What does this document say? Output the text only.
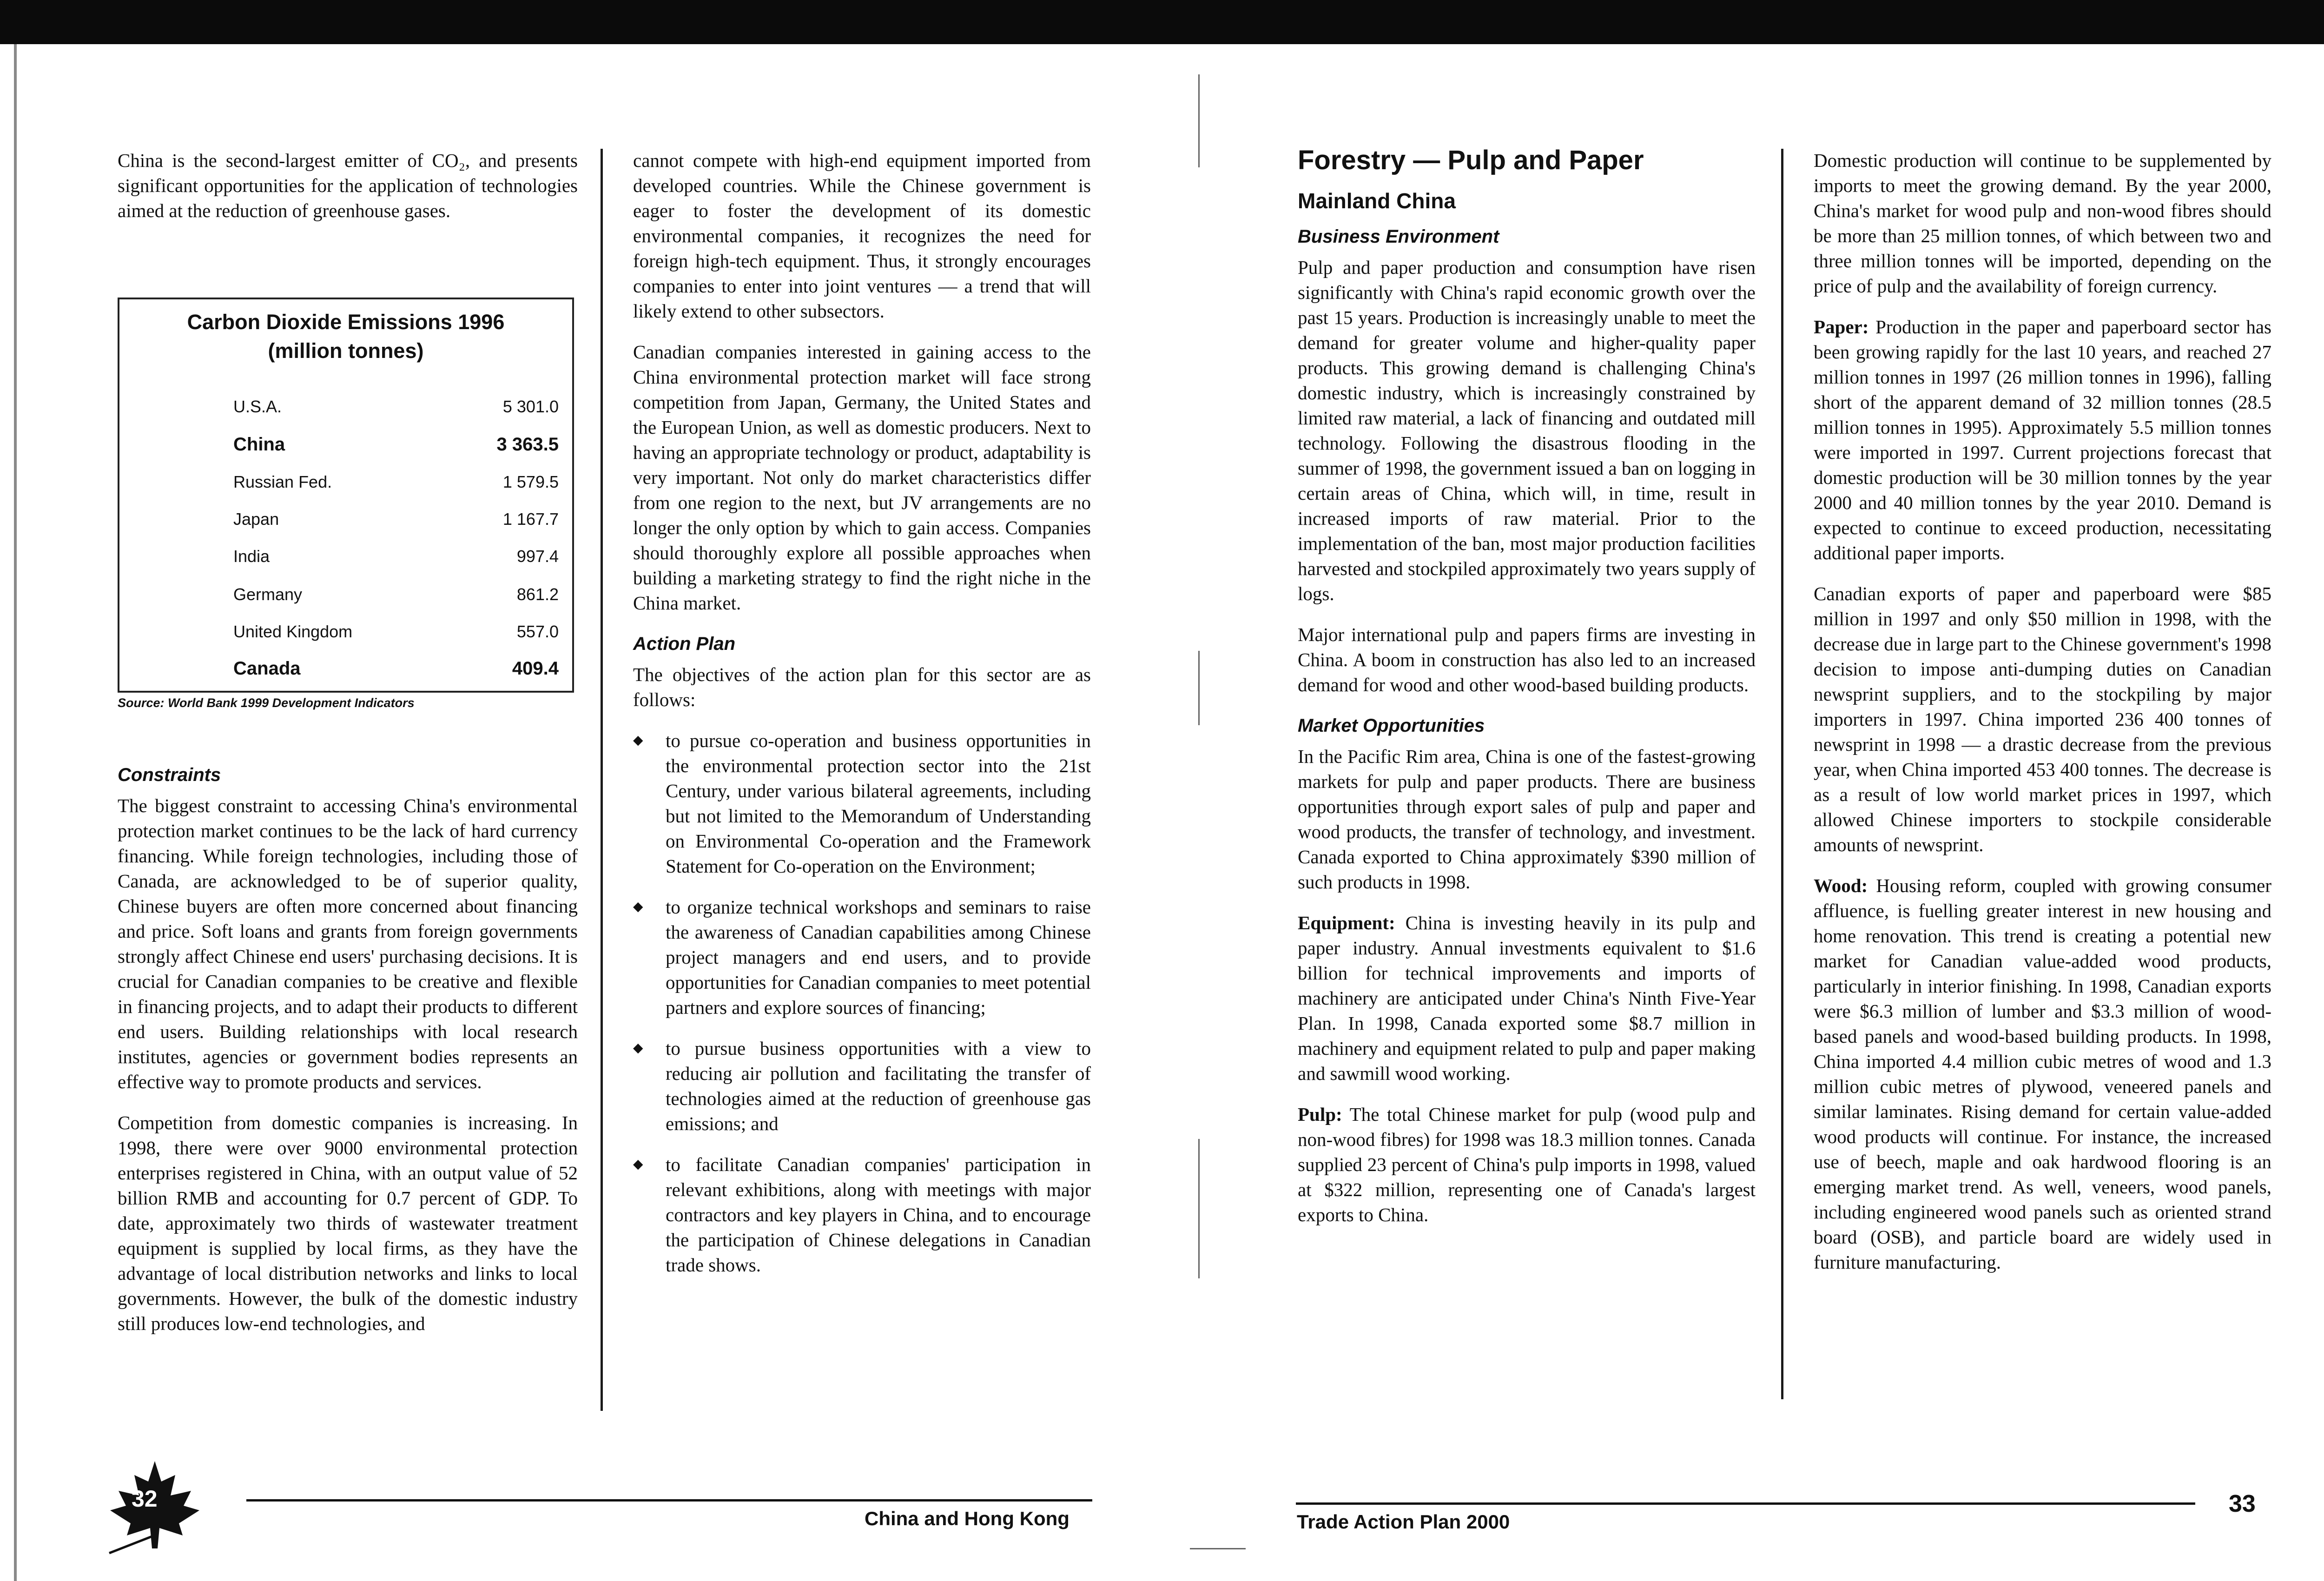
China is the second-largest emitter of CO₂, and presents significant opportunities for the application of technologies aimed at the reduction of greenhouse gases.

Carbon Dioxide Emissions 1996
(million tonnes)
U.S.A.	5 301.0
China	3 363.5
Russian Fed.	1 579.5
Japan	1 167.7
India	997.4
Germany	861.2
United Kingdom	557.0
Canada	409.4
Source: World Bank 1999 Development Indicators
Constraints

The biggest constraint to accessing China's environmental protection market continues to be the lack of hard currency financing. While foreign technologies, including those of Canada, are acknowledged to be of superior quality, Chinese buyers are often more concerned about financing and price. Soft loans and grants from foreign governments strongly affect Chinese end users' purchasing decisions. It is crucial for Canadian companies to be creative and flexible in financing projects, and to adapt their products to different end users. Building relationships with local research institutes, agencies or government bodies represents an effective way to promote products and services.

Competition from domestic companies is increasing. In 1998, there were over 9000 environmental protection enterprises registered in China, with an output value of 52 billion RMB and accounting for 0.7 percent of GDP. To date, approximately two thirds of wastewater treatment equipment is supplied by local firms, as they have the advantage of local distribution networks and links to local governments. However, the bulk of the domestic industry still produces low-end technologies, and

cannot compete with high-end equipment imported from developed countries. While the Chinese government is eager to foster the development of its domestic environmental companies, it recognizes the need for foreign high-tech equipment. Thus, it strongly encourages companies to enter into joint ventures — a trend that will likely extend to other subsectors.

Canadian companies interested in gaining access to the China environmental protection market will face strong competition from Japan, Germany, the United States and the European Union, as well as domestic producers. Next to having an appropriate technology or product, adaptability is very important. Not only do market characteristics differ from one region to the next, but JV arrangements are no longer the only option by which to gain access. Companies should thoroughly explore all possible approaches when building a marketing strategy to find the right niche in the China market.

Action Plan

The objectives of the action plan for this sector are as follows:

◆ to pursue co-operation and business opportunities in the environmental protection sector into the 21st Century, under various bilateral agreements, including but not limited to the Memorandum of Understanding on Environmental Co-operation and the Framework Statement for Co-operation on the Environment;
◆ to organize technical workshops and seminars to raise the awareness of Canadian capabilities among Chinese project managers and end users, and to provide opportunities for Canadian companies to meet potential partners and explore sources of financing;
◆ to pursue business opportunities with a view to reducing air pollution and facilitating the transfer of technologies aimed at the reduction of greenhouse gas emissions; and
◆ to facilitate Canadian companies' participation in relevant exhibitions, along with meetings with major contractors and key players in China, and to encourage the participation of Chinese delegations in Canadian trade shows.
32
China and Hong Kong
Forestry — Pulp and Paper
Mainland China
Business Environment

Pulp and paper production and consumption have risen significantly with China's rapid economic growth over the past 15 years. Production is increasingly unable to meet the demand for greater volume and higher-quality paper products. This growing demand is challenging China's domestic industry, which is increasingly constrained by limited raw material, a lack of financing and outdated mill technology. Following the disastrous flooding in the summer of 1998, the government issued a ban on logging in certain areas of China, which will, in time, result in increased imports of raw material. Prior to the implementation of the ban, most major production facilities harvested and stockpiled approximately two years supply of logs.

Major international pulp and papers firms are investing in China. A boom in construction has also led to an increased demand for wood and other wood-based building products.

Market Opportunities

In the Pacific Rim area, China is one of the fastest-growing markets for pulp and paper products. There are business opportunities through export sales of pulp and paper and wood products, the transfer of technology, and investment. Canada exported to China approximately $390 million of such products in 1998.

Equipment: China is investing heavily in its pulp and paper industry. Annual investments equivalent to $1.6 billion for technical improvements and imports of machinery are anticipated under China's Ninth Five-Year Plan. In 1998, Canada exported some $8.7 million in machinery and equipment related to pulp and paper making and sawmill wood working.

Pulp: The total Chinese market for pulp (wood pulp and non-wood fibres) for 1998 was 18.3 million tonnes. Canada supplied 23 percent of China's pulp imports in 1998, valued at $322 million, representing one of Canada's largest exports to China.

Domestic production will continue to be supplemented by imports to meet the growing demand. By the year 2000, China's market for wood pulp and non-wood fibres should be more than 25 million tonnes, of which between two and three million tonnes will be imported, depending on the price of pulp and the availability of foreign currency.

Paper: Production in the paper and paperboard sector has been growing rapidly for the last 10 years, and reached 27 million tonnes in 1997 (26 million tonnes in 1996), falling short of the apparent demand of 32 million tonnes (28.5 million tonnes in 1995). Approximately 5.5 million tonnes were imported in 1997. Current projections forecast that domestic production will be 30 million tonnes by the year 2000 and 40 million tonnes by the year 2010. Demand is expected to continue to exceed production, necessitating additional paper imports.

Canadian exports of paper and paperboard were $85 million in 1997 and only $50 million in 1998, with the decrease due in large part to the Chinese government's 1998 decision to impose anti-dumping duties on Canadian newsprint suppliers, and to the stockpiling by major importers in 1997. China imported 236 400 tonnes of newsprint in 1998 — a drastic decrease from the previous year, when China imported 453 400 tonnes. The decrease is as a result of low world market prices in 1997, which allowed Chinese importers to stockpile considerable amounts of newsprint.

Wood: Housing reform, coupled with growing consumer affluence, is fuelling greater interest in new housing and home renovation. This trend is creating a potential new market for Canadian value-added wood products, particularly in interior finishing. In 1998, Canadian exports were $6.3 million of lumber and $3.3 million of wood-based panels and wood-based building products. In 1998, China imported 4.4 million cubic metres of wood and 1.3 million cubic metres of plywood, veneered panels and similar laminates. Rising demand for certain value-added wood products will continue. For instance, the increased use of beech, maple and oak hardwood flooring is an emerging market trend. As well, veneers, wood panels, including engineered wood panels such as oriented strand board (OSB), and particle board are widely used in furniture manufacturing.

Trade Action Plan 2000
33
